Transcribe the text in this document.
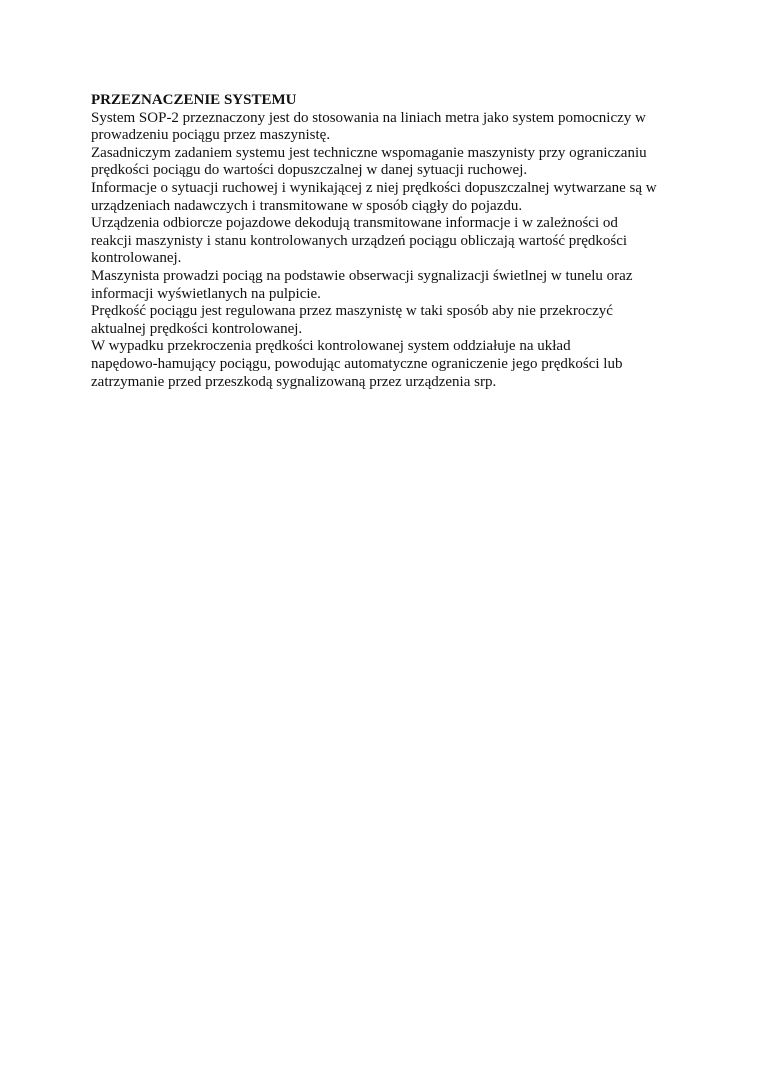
PRZEZNACZENIE SYSTEMU

System SOP-2 przeznaczony jest do stosowania na liniach metra jako system pomocniczy w
prowadzeniu pociągu przez maszynistę.

Zasadniczym zadaniem systemu jest techniczne wspomaganie maszynisty przy ograniczaniu
prędkości pociągu do wartości dopuszczalnej w danej sytuacji ruchowej.

Informacje o sytuacji ruchowej i wynikającej z niej prędkości dopuszczalnej wytwarzane są w
urządzeniach nadawczych i transmitowane w sposób ciągły do pojazdu.

Urządzenia odbiorcze pojazdowe dekodują transmitowane informacje i w zależności od
reakcji maszynisty i stanu kontrolowanych urządzeń pociągu obliczają wartość prędkości
kontrolowanej.

Maszynista prowadzi pociąg na podstawie obserwacji sygnalizacji świetlnej w tunelu oraz
informacji wyświetlanych na pulpicie.

Prędkość pociągu jest regulowana przez maszynistę w taki sposób aby nie przekroczyć
aktualnej prędkości kontrolowanej.

W wypadku przekroczenia prędkości kontrolowanej system oddziałuje na układ
napędowo-hamujący pociągu, powodując automatyczne ograniczenie jego prędkości lub
zatrzymanie przed przeszkodą sygnalizowaną przez urządzenia srp.
